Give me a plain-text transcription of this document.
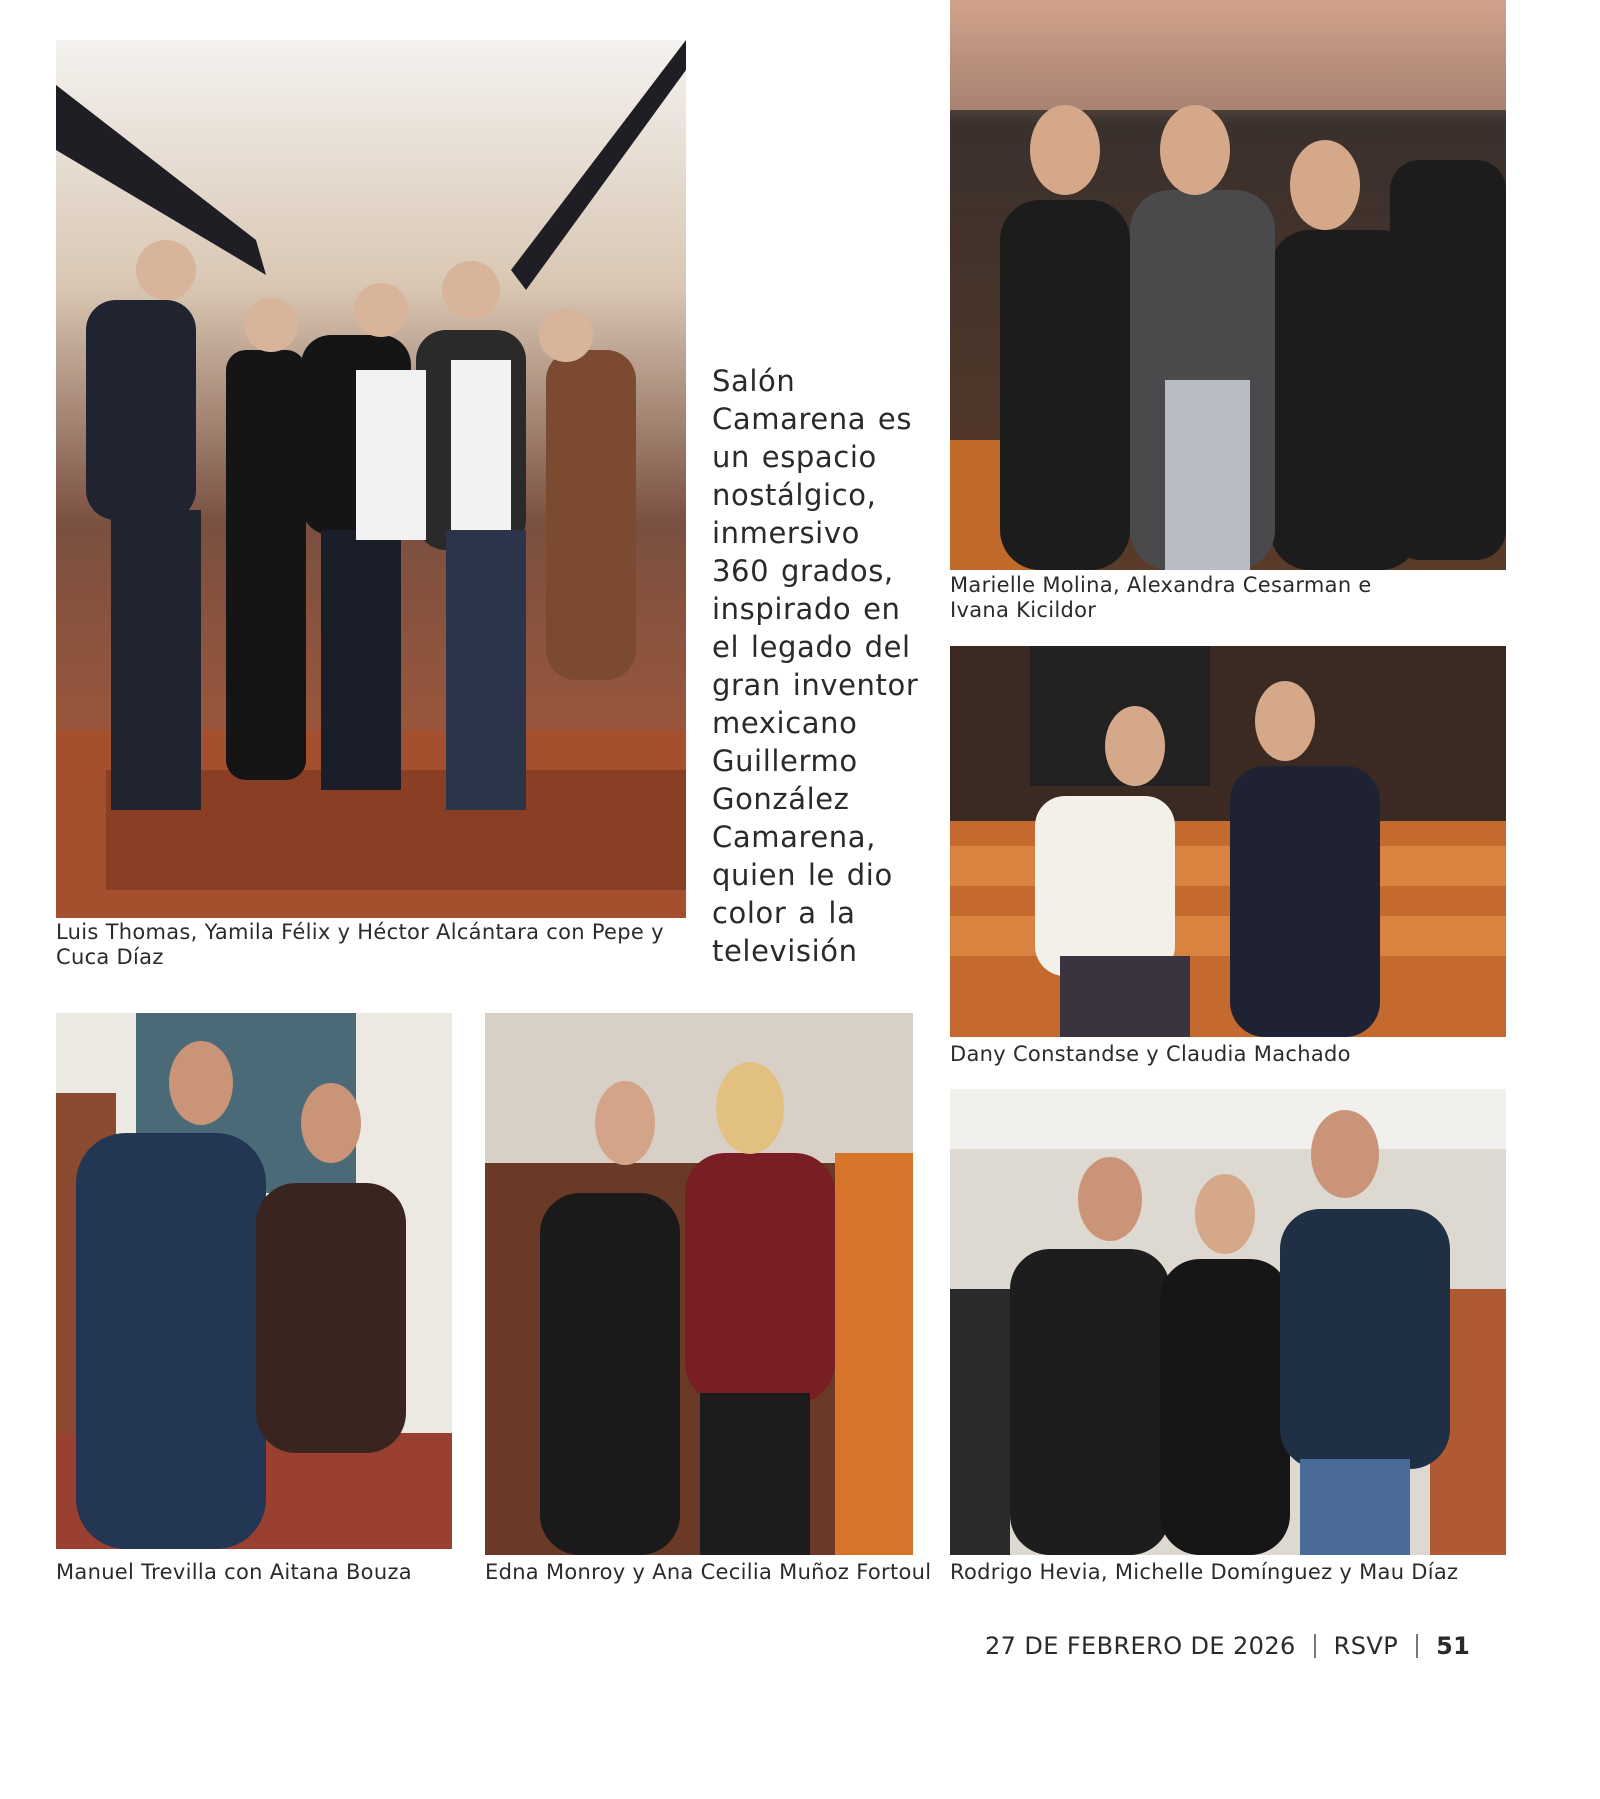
Luis Thomas, Yamila Félix y Héctor Alcántara con Pepe y Cuca Díaz
Marielle Molina, Alexandra Cesarman e Ivana Kicildor
Dany Constandse y Claudia Machado
Manuel Trevilla con Aitana Bouza	Edna Monroy y Ana Cecilia Muñoz Fortoul Rodrigo Hevia, Michelle Domínguez y Mau Díaz
Salón Camarena es un espacio nostálgico, inmersivo 360 grados, inspirado en el legado del gran inventor mexicano Guillermo González Camarena, quien le dio color a la televisión
27 DE FEBRERO DE 2026 RSVP 51
